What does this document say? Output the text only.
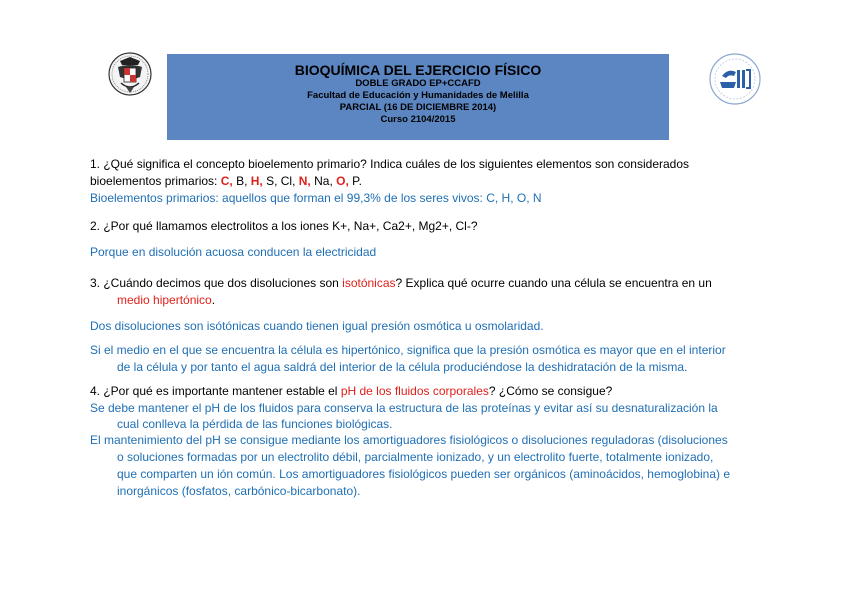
BIOQUÍMICA DEL EJERCICIO FÍSICO
DOBLE GRADO EP+CCAFD
Facultad de Educación y Humanidades de Melilla
PARCIAL (16 DE DICIEMBRE 2014)
Curso 2104/2015
1. ¿Qué significa el concepto bioelemento primario? Indica cuáles de los siguientes elementos son considerados
bioelementos primarios: C, B, H, S, Cl, N, Na, O, P.
Bioelementos primarios: aquellos que forman el 99,3% de los seres vivos: C, H, O, N
2. ¿Por qué llamamos electrolitos a los iones K+, Na+, Ca2+, Mg2+, Cl-?
Porque en disolución acuosa conducen la electricidad
3. ¿Cuándo decimos que dos disoluciones son isotónicas? Explica qué ocurre cuando una célula se encuentra en un
medio hipertónico.
Dos disoluciones son isótónicas cuando tienen igual presión osmótica u osmolaridad.
Si el medio en el que se encuentra la célula es hipertónico, significa que la presión osmótica es mayor que en el interior
de la célula y por tanto el agua saldrá del interior de la célula produciéndose la deshidratación de la misma.
4. ¿Por qué es importante mantener estable el pH de los fluidos corporales? ¿Cómo se consigue?
Se debe mantener el pH de los fluidos para conserva la estructura de las proteínas y evitar así su desnaturalización la
cual conlleva la pérdida de las funciones biológicas.
El mantenimiento del pH se consigue mediante los amortiguadores fisiológicos o disoluciones reguladoras (disoluciones
o soluciones formadas por un electrolito débil, parcialmente ionizado, y un electrolito fuerte, totalmente ionizado,
que comparten un ión común. Los amortiguadores fisiológicos pueden ser orgánicos (aminoácidos, hemoglobina) e
inorgánicos (fosfatos, carbónico-bicarbonato).
